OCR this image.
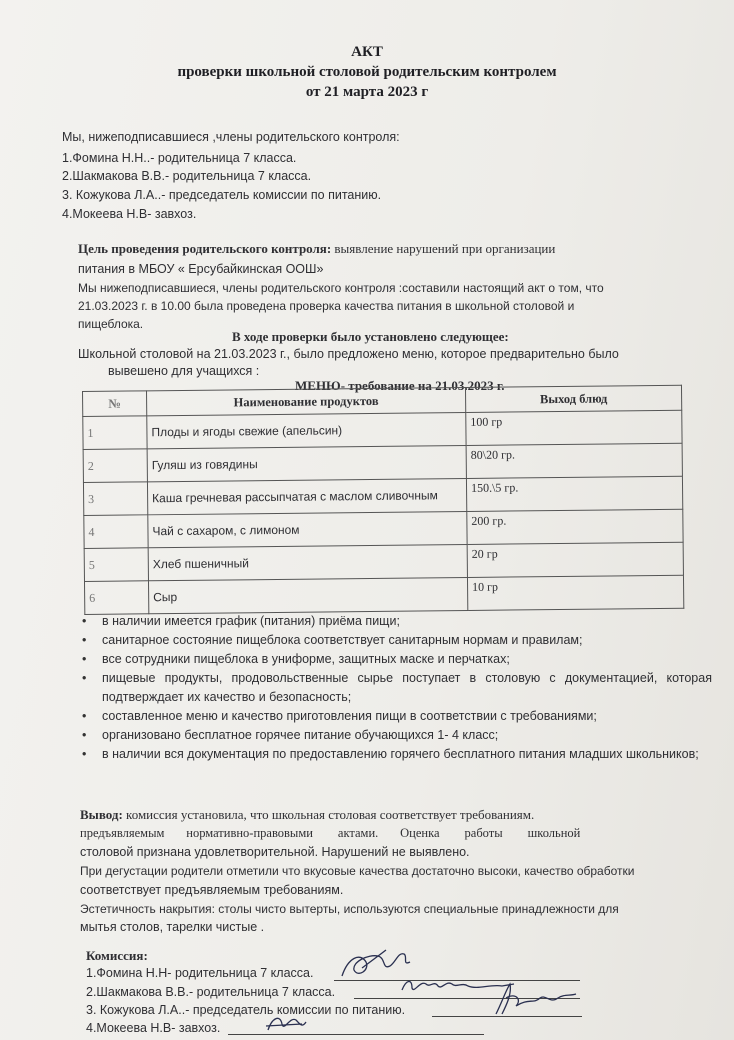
АКТ
проверки школьной столовой родительским контролем
от 21 марта 2023 г
Мы, нижеподписавшиеся ,члены родительского контроля:
1.Фомина Н.Н..- родительница 7 класса.
2.Шакмакова В.В.- родительница 7 класса.
3. Кожукова Л.А..- председатель комиссии по питанию.
4.Мокеева Н.В- завхоз.
Цель проведения родительского контроля: выявление нарушений при организации
питания в МБОУ « Ерсубайкинская ООШ»
Мы нижеподписавшиеся, члены родительского контроля :составили настоящий акт о том, что
21.03.2023 г. в 10.00 была проведена проверка качества питания в школьной столовой и
пищеблока.
В ходе проверки было установлено следующее:
Школьной столовой на 21.03.2023 г., было предложено меню, которое предварительно было
вывешено для учащихся :
МЕНЮ- требование на 21.03.2023 г.
№	Наименование продуктов	Выход блюд
1	Плоды и ягоды свежие (апельсин)	100 гр
2	Гуляш из говядины	80\20 гр.
3	Каша гречневая рассыпчатая с маслом сливочным	150.\5 гр.
4	Чай с сахаром, с лимоном	200 гр.
5	Хлеб пшеничный	20 гр
6	Сыр	10 гр
• в наличии имеется график (питания) приёма пищи;
• санитарное состояние пищеблока соответствует санитарным нормам и правилам;
• все сотрудники пищеблока в униформе, защитных маске и перчатках;
• пищевые продукты, продовольственные сырье поступает в столовую с документацией, которая подтверждает их качество и безопасность;
• составленное меню и качество приготовления пищи в соответствии с требованиями;
• организовано бесплатное горячее питание обучающихся 1- 4 класс;
• в наличии вся документация по предоставлению горячего бесплатного питания младших школьников;
Вывод: комиссия установила, что школьная столовая соответствует требованиям.
предъявляемым       нормативно-правовыми        актами.       Оценка        работы        школьной
столовой признана удовлетворительной. Нарушений не выявлено.
При дегустации родители отметили что вкусовые качества достаточно высоки, качество обработки
соответствует предъявляемым требованиям.
Эстетичность накрытия: столы чисто вытерты, используются специальные принадлежности для
мытья столов, тарелки чистые .
Комиссия:
1.Фомина Н.Н- родительница 7 класса.
2.Шакмакова В.В.- родительница 7 класса.
3. Кожукова Л.А..- председатель комиссии по питанию.
4.Мокеева Н.В- завхоз.
